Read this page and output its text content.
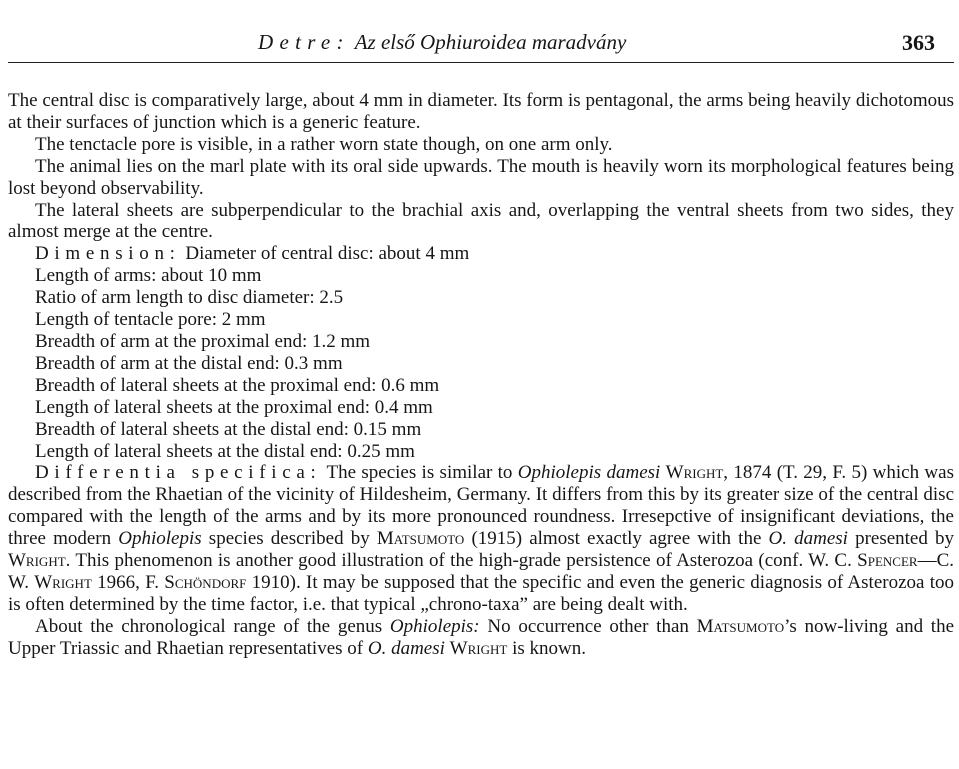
Detre: Az első Ophiuroidea maradvány	363

The central disc is comparatively large, about 4 mm in diameter. Its form is pentagonal, the arms being heavily dichotomous at their surfaces of junction which is a generic feature.

The tenctacle pore is visible, in a rather worn state though, on one arm only.

The animal lies on the marl plate with its oral side upwards. The mouth is heavily worn its morphological features being lost beyond observability.

The lateral sheets are subperpendicular to the brachial axis and, overlapping the ventral sheets from two sides, they almost merge at the centre.

Dimension: Diameter of central disc: about 4 mm
Length of arms: about 10 mm
Ratio of arm length to disc diameter: 2.5
Length of tentacle pore: 2 mm
Breadth of arm at the proximal end: 1.2 mm
Breadth of arm at the distal end: 0.3 mm
Breadth of lateral sheets at the proximal end: 0.6 mm
Length of lateral sheets at the proximal end: 0.4 mm
Breadth of lateral sheets at the distal end: 0.15 mm
Length of lateral sheets at the distal end: 0.25 mm

Differentia specifica: The species is similar to Ophiolepis damesi Wright, 1874 (T. 29, F. 5) which was described from the Rhaetian of the vicinity of Hildesheim, Germany. It differs from this by its greater size of the central disc compared with the length of the arms and by its more pronounced roundness. Irresepctive of insignificant deviations, the three modern Ophiolepis species described by Matsumoto (1915) almost exactly agree with the O. damesi presented by Wright. This phenomenon is another good illustration of the high-grade persistence of Asterozoa (conf. W. C. Spencer—C. W. Wright 1966, F. Schöndorf 1910). It may be supposed that the specific and even the generic diagnosis of Asterozoa too is often determined by the time factor, i.e. that typical „chrono-taxa” are being dealt with.

About the chronological range of the genus Ophiolepis: No occurrence other than Matsumoto’s now-living and the Upper Triassic and Rhaetian representatives of O. damesi Wright is known.
